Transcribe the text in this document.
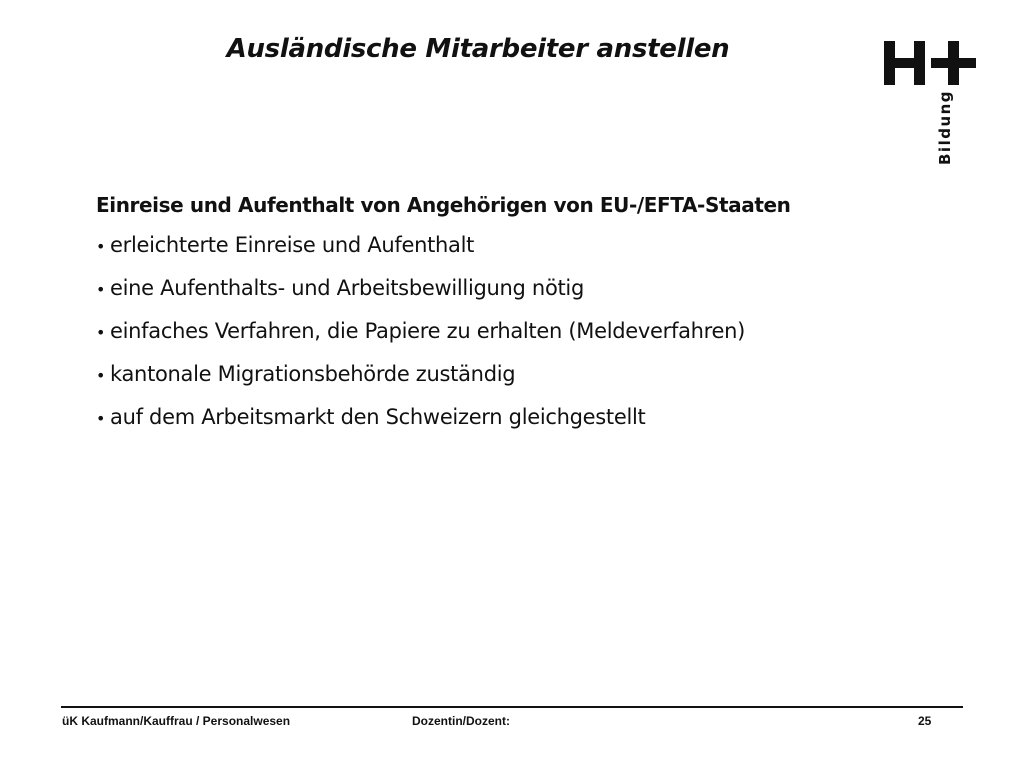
Ausländische Mitarbeiter anstellen
Bildung

Einreise und Aufenthalt von Angehörigen von EU-/EFTA-Staaten

• erleichterte Einreise und Aufenthalt
• eine Aufenthalts- und Arbeitsbewilligung nötig
• einfaches Verfahren, die Papiere zu erhalten (Meldeverfahren)
• kantonale Migrationsbehörde zuständig
• auf dem Arbeitsmarkt den Schweizern gleichgestellt
üK Kaufmann/Kauffrau / Personalwesen	Dozentin/Dozent:	25
